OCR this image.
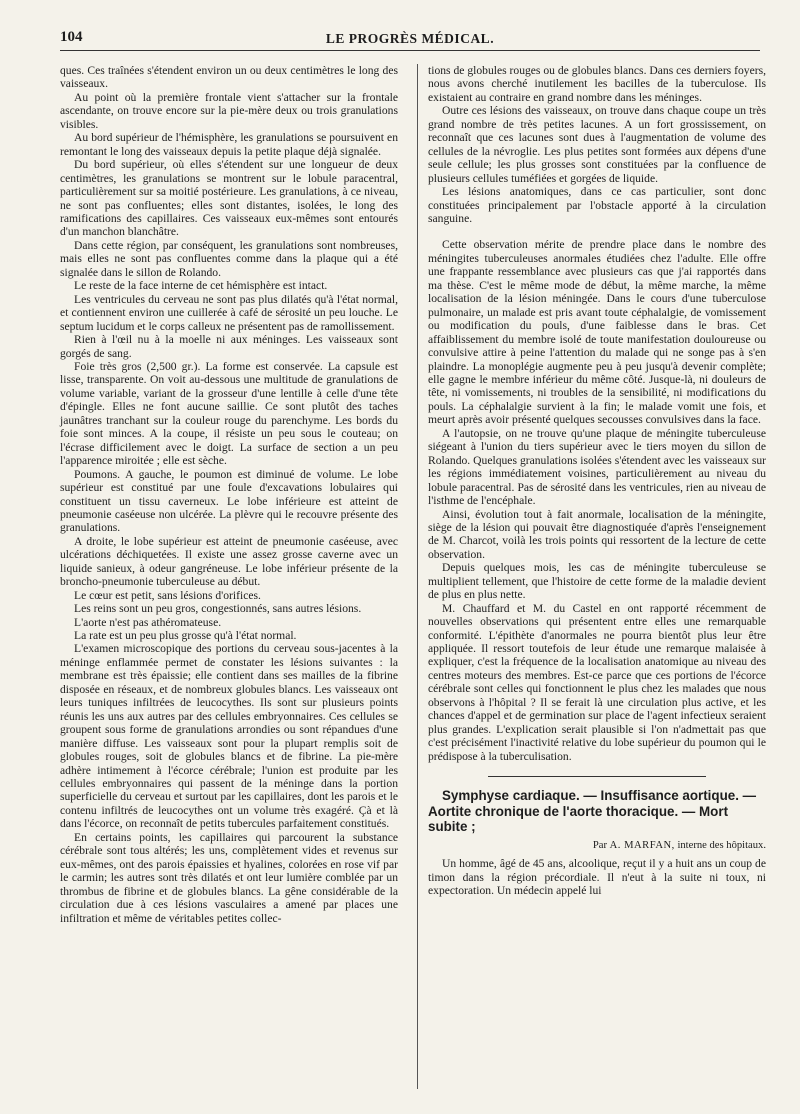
104	LE PROGRÈS MÉDICAL.

ques. Ces traînées s'étendent environ un ou deux centimètres le long des vaisseaux.

Au point où la première frontale vient s'attacher sur la frontale ascendante, on trouve encore sur la pie-mère deux ou trois granulations visibles.

Au bord supérieur de l'hémisphère, les granulations se poursuivent en remontant le long des vaisseaux depuis la petite plaque déjà signalée.

Du bord supérieur, où elles s'étendent sur une longueur de deux centimètres, les granulations se montrent sur le lobule paracentral, particulièrement sur sa moitié postérieure. Les granulations, à ce niveau, ne sont pas confluentes; elles sont distantes, isolées, le long des ramifications des capillaires. Ces vaisseaux eux-mêmes sont entourés d'un manchon blanchâtre.

Dans cette région, par conséquent, les granulations sont nombreuses, mais elles ne sont pas confluentes comme dans la plaque qui a été signalée dans le sillon de Rolando.

Le reste de la face interne de cet hémisphère est intact.

Les ventricules du cerveau ne sont pas plus dilatés qu'à l'état normal, et contiennent environ une cuillerée à café de sérosité un peu louche. Le septum lucidum et le corps calleux ne présentent pas de ramollissement.

Rien à l'œil nu à la moelle ni aux méninges. Les vaisseaux sont gorgés de sang.

Foie très gros (2,500 gr.). La forme est conservée. La capsule est lisse, transparente. On voit au-dessous une multitude de granulations de volume variable, variant de la grosseur d'une lentille à celle d'une tête d'épingle. Elles ne font aucune saillie. Ce sont plutôt des taches jaunâtres tranchant sur la couleur rouge du parenchyme. Les bords du foie sont minces. A la coupe, il résiste un peu sous le couteau; on l'écrase difficilement avec le doigt. La surface de section a un peu l'apparence miroitée ; elle est sèche.

Poumons. A gauche, le poumon est diminué de volume. Le lobe supérieur est constitué par une foule d'excavations lobulaires qui constituent un tissu caverneux. Le lobe inférieure est atteint de pneumonie caséeuse non ulcérée. La plèvre qui le recouvre présente des granulations.

A droite, le lobe supérieur est atteint de pneumonie caséeuse, avec ulcérations déchiquetées. Il existe une assez grosse caverne avec un liquide sanieux, à odeur gangréneuse. Le lobe inférieur présente de la broncho-pneumonie tuberculeuse au début.

Le cœur est petit, sans lésions d'orifices.

Les reins sont un peu gros, congestionnés, sans autres lésions.

L'aorte n'est pas athéromateuse.

La rate est un peu plus grosse qu'à l'état normal.

L'examen microscopique des portions du cerveau sous-jacentes à la méninge enflammée permet de constater les lésions suivantes : la membrane est très épaissie; elle contient dans ses mailles de la fibrine disposée en réseaux, et de nombreux globules blancs. Les vaisseaux ont leurs tuniques infiltrées de leucocythes. Ils sont sur plusieurs points réunis les uns aux autres par des cellules embryonnaires. Ces cellules se groupent sous forme de granulations arrondies ou sont répandues d'une manière diffuse. Les vaisseaux sont pour la plupart remplis soit de globules rouges, soit de globules blancs et de fibrine. La pie-mère adhère intimement à l'écorce cérébrale; l'union est produite par les cellules embryonnaires qui passent de la méninge dans la portion superficielle du cerveau et surtout par les capillaires, dont les parois et le contenu infiltrés de leucocythes ont un volume très exagéré. Çà et là dans l'écorce, on reconnaît de petits tubercules parfaitement constitués.

En certains points, les capillaires qui parcourent la substance cérébrale sont tous altérés; les uns, complètement vides et revenus sur eux-mêmes, ont des parois épaissies et hyalines, colorées en rose vif par le carmin; les autres sont très dilatés et ont leur lumière comblée par un thrombus de fibrine et de globules blancs. La gêne considérable de la circulation due à ces lésions vasculaires a amené par places une infiltration et même de véritables petites collec-

tions de globules rouges ou de globules blancs. Dans ces derniers foyers, nous avons cherché inutilement les bacilles de la tuberculose. Ils existaient au contraire en grand nombre dans les méninges.

Outre ces lésions des vaisseaux, on trouve dans chaque coupe un très grand nombre de très petites lacunes. A un fort grossissement, on reconnaît que ces lacunes sont dues à l'augmentation de volume des cellules de la névroglie. Les plus petites sont formées aux dépens d'une seule cellule; les plus grosses sont constituées par la confluence de plusieurs cellules tuméfiées et gorgées de liquide.

Les lésions anatomiques, dans ce cas particulier, sont donc constituées principalement par l'obstacle apporté à la circulation sanguine.

Cette observation mérite de prendre place dans le nombre des méningites tuberculeuses anormales étudiées chez l'adulte. Elle offre une frappante ressemblance avec plusieurs cas que j'ai rapportés dans ma thèse. C'est le même mode de début, la même marche, la même localisation de la lésion méningée. Dans le cours d'une tuberculose pulmonaire, un malade est pris avant toute céphalalgie, de vomissement ou modification du pouls, d'une faiblesse dans le bras. Cet affaiblissement du membre isolé de toute manifestation douloureuse ou convulsive attire à peine l'attention du malade qui ne songe pas à s'en plaindre. La monoplégie augmente peu à peu jusqu'à devenir complète; elle gagne le membre inférieur du même côté. Jusque-là, ni douleurs de tête, ni vomissements, ni troubles de la sensibilité, ni modifications du pouls. La céphalalgie survient à la fin; le malade vomit une fois, et meurt après avoir présenté quelques secousses convulsives dans la face.

A l'autopsie, on ne trouve qu'une plaque de méningite tuberculeuse siégeant à l'union du tiers supérieur avec le tiers moyen du sillon de Rolando. Quelques granulations isolées s'étendent avec les vaisseaux sur les régions immédiatement voisines, particulièrement au niveau du lobule paracentral. Pas de sérosité dans les ventricules, rien au niveau de l'isthme de l'encéphale.

Ainsi, évolution tout à fait anormale, localisation de la méningite, siège de la lésion qui pouvait être diagnostiquée d'après l'enseignement de M. Charcot, voilà les trois points qui ressortent de la lecture de cette observation.

Depuis quelques mois, les cas de méningite tuberculeuse se multiplient tellement, que l'histoire de cette forme de la maladie devient de plus en plus nette.

M. Chauffard et M. du Castel en ont rapporté récemment de nouvelles observations qui présentent entre elles une remarquable conformité. L'épithète d'anormales ne pourra bientôt plus leur être appliquée. Il ressort toutefois de leur étude une remarque malaisée à expliquer, c'est la fréquence de la localisation anatomique au niveau des centres moteurs des membres. Est-ce parce que ces portions de l'écorce cérébrale sont celles qui fonctionnent le plus chez les malades que nous observons à l'hôpital ? Il se ferait là une circulation plus active, et les chances d'appel et de germination sur place de l'agent infectieux seraient plus grandes. L'explication serait plausible si l'on n'admettait pas que c'est précisément l'inactivité relative du lobe supérieur du poumon qui le prédispose à la tuberculisation.

Symphyse cardiaque. — Insuffisance aortique. — Aortite chronique de l'aorte thoracique. — Mort subite ;

Par A. MARFAN, interne des hôpitaux.

Un homme, âgé de 45 ans, alcoolique, reçut il y a huit ans un coup de timon dans la région précordiale. Il n'eut à la suite ni toux, ni expectoration. Un médecin appelé lui
